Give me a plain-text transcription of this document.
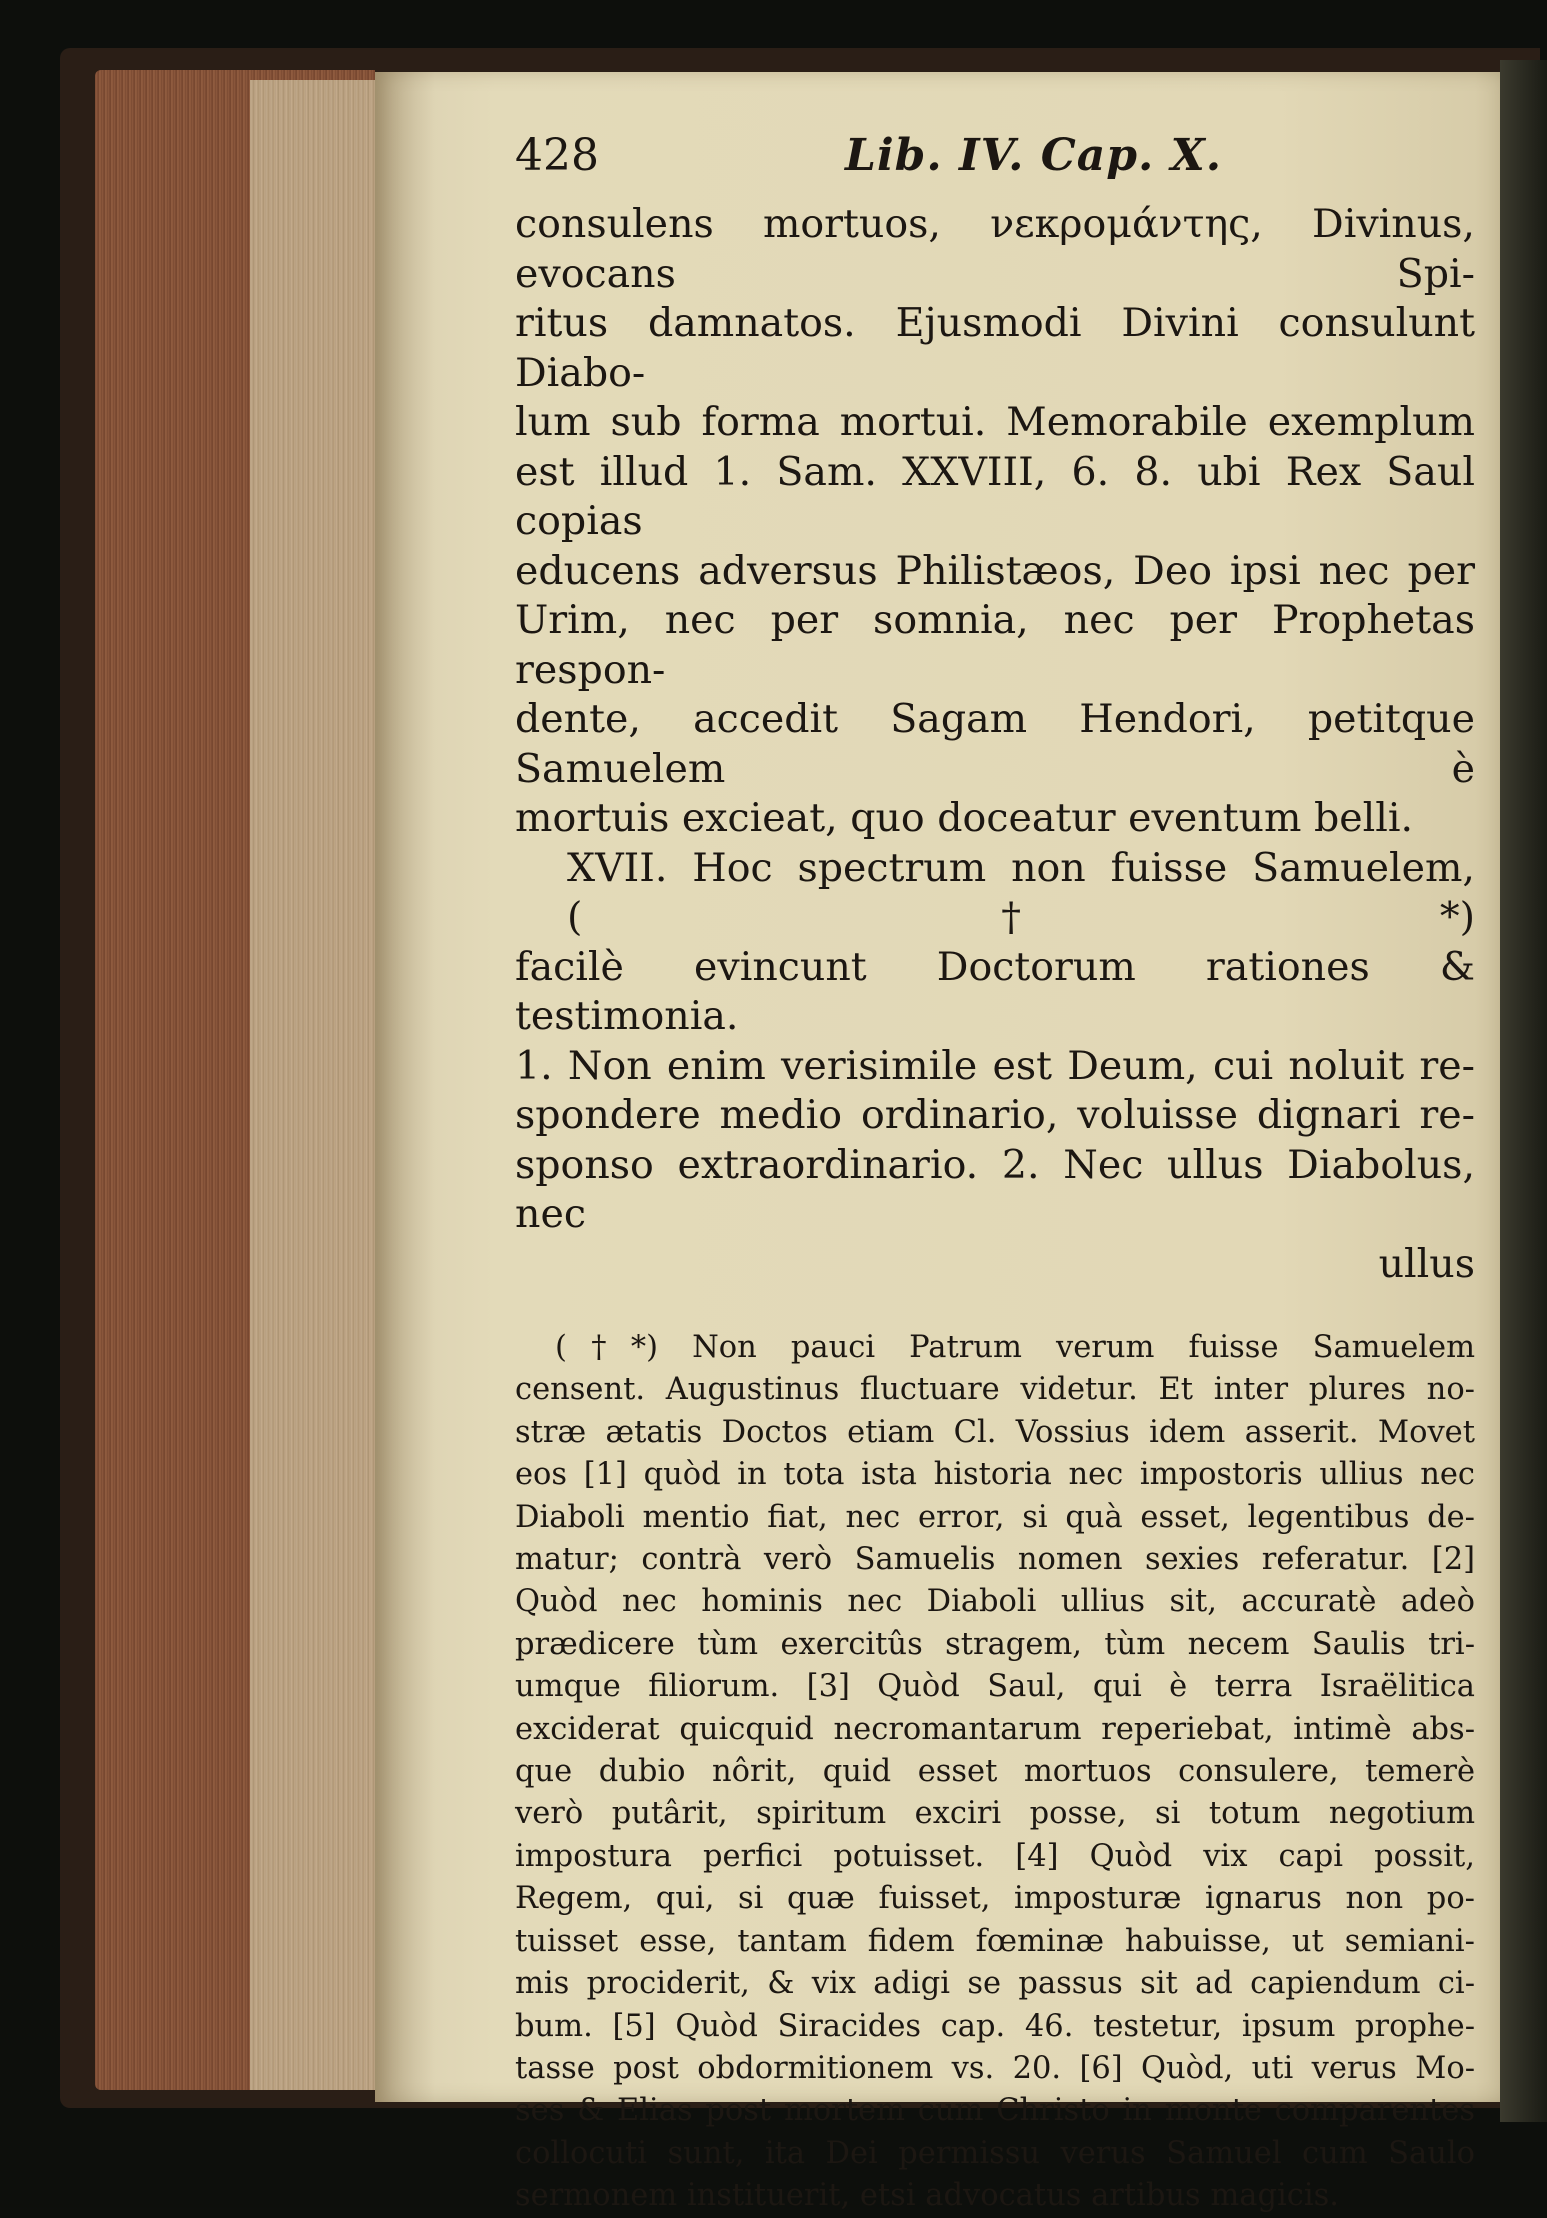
428	Lib. IV. Cap. X.

consulens mortuos, νεκρομάντης, Divinus, evocans Spi-

ritus damnatos. Ejusmodi Divini consulunt Diabo-

lum sub forma mortui. Memorabile exemplum

est illud 1. Sam. XXVIII, 6. 8. ubi Rex Saul copias

educens adversus Philistæos, Deo ipsi nec per

Urim, nec per somnia, nec per Prophetas respon-

dente, accedit Sagam Hendori, petitque Samuelem è

mortuis excieat, quo doceatur eventum belli.

XVII. Hoc spectrum non fuisse Samuelem, (†*)

facilè evincunt Doctorum rationes & testimonia.

1. Non enim verisimile est Deum, cui noluit re-

spondere medio ordinario, voluisse dignari re-

sponso extraordinario. 2. Nec ullus Diabolus, nec

ullus
(†*) Non pauci Patrum verum fuisse Samuelem
censent. Augustinus fluctuare videtur. Et inter plures no-
stræ ætatis Doctos etiam Cl. Vossius idem asserit. Movet
eos [1] quòd in tota ista historia nec impostoris ullius nec
Diaboli mentio fiat, nec error, si quà esset, legentibus de-
matur; contrà verò Samuelis nomen sexies referatur. [2]
Quòd nec hominis nec Diaboli ullius sit, accuratè adeò
prædicere tùm exercitûs stragem, tùm necem Saulis tri-
umque filiorum. [3] Quòd Saul, qui è terra Israëlitica
exciderat quicquid necromantarum reperiebat, intimè abs-
que dubio nôrit, quid esset mortuos consulere, temerè
verò putârit, spiritum exciri posse, si totum negotium
impostura perfici potuisset. [4] Quòd vix capi possit,
Regem, qui, si quæ fuisset, imposturæ ignarus non po-
tuisset esse, tantam fidem fœminæ habuisse, ut semiani-
mis prociderit, & vix adigi se passus sit ad capiendum ci-
bum. [5] Quòd Siracides cap. 46. testetur, ipsum prophe-
tasse post obdormitionem vs. 20. [6] Quòd, uti verus Mo-
ses & Elias post mortem cum Christo in monte comparentes
collocuti sunt, ita Dei permissu verus Samuel cum Saulo
sermonem instituerit, etsi advocatus artibus magicis.
